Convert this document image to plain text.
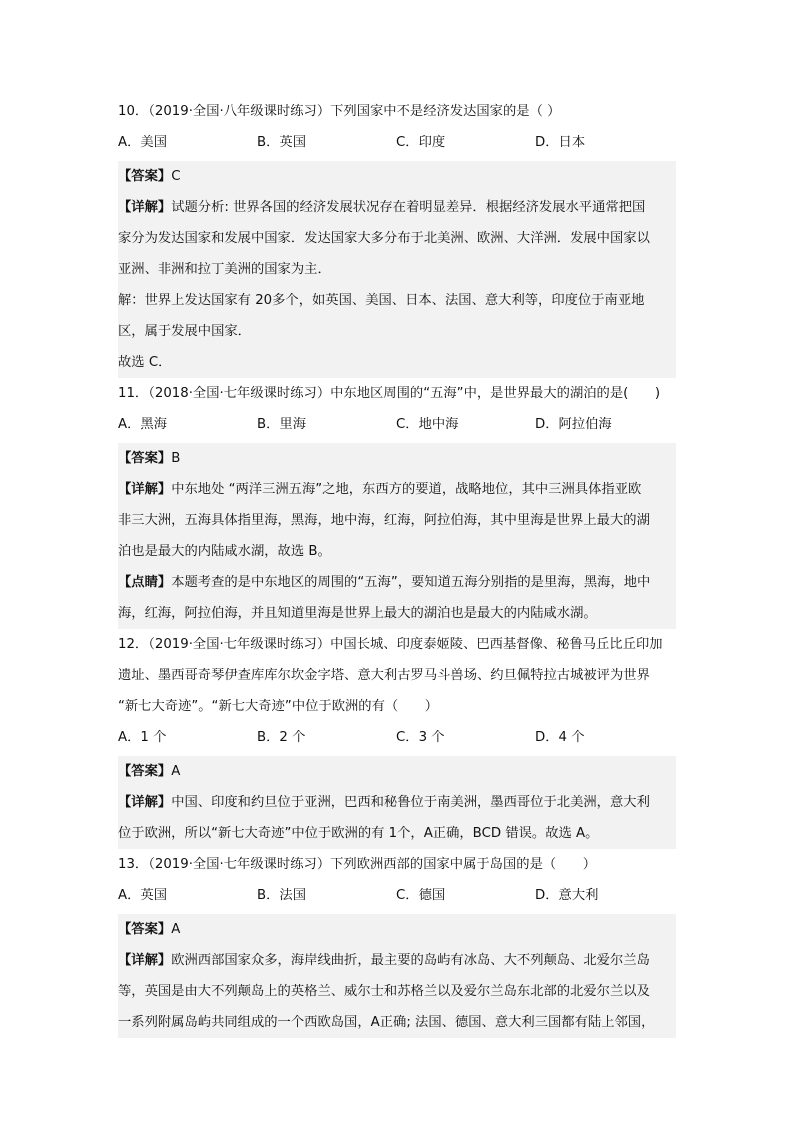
10．（2019·全国·八年级课时练习）下列国家中不是经济发达国家的是（ ）
A．美国	B．英国	C．印度	D．日本
【答案】C
【详解】试题分析: 世界各国的经济发展状况存在着明显差异．根据经济发展水平通常把国
家分为发达国家和发展中国家．发达国家大多分布于北美洲、欧洲、大洋洲．发展中国家以
亚洲、非洲和拉丁美洲的国家为主．
解：世界上发达国家有 20多个，如英国、美国、日本、法国、意大利等，印度位于南亚地
区，属于发展中国家．
故选 C．
11．（2018·全国·七年级课时练习）中东地区周围的“五海”中，是世界最大的湖泊的是(　　)
A．黑海	B．里海	C．地中海	D．阿拉伯海
【答案】B
【详解】中东地处 “两洋三洲五海”之地，东西方的要道，战略地位，其中三洲具体指亚欧
非三大洲，五海具体指里海，黑海，地中海，红海，阿拉伯海，其中里海是世界上最大的湖
泊也是最大的内陆咸水湖，故选 B。
【点睛】本题考查的是中东地区的周围的“五海”，要知道五海分别指的是里海，黑海，地中
海，红海，阿拉伯海，并且知道里海是世界上最大的湖泊也是最大的内陆咸水湖。
12．（2019·全国·七年级课时练习）中国长城、印度泰姬陵、巴西基督像、秘鲁马丘比丘印加
遗址、墨西哥奇琴伊查库库尔坎金字塔、意大利古罗马斗兽场、约旦佩特拉古城被评为世界
“新七大奇迹”。“新七大奇迹”中位于欧洲的有（　　）
A．1 个	B．2 个	C．3 个	D．4 个
【答案】A
【详解】中国、印度和约旦位于亚洲，巴西和秘鲁位于南美洲，墨西哥位于北美洲，意大利
位于欧洲，所以“新七大奇迹”中位于欧洲的有 1个，A正确，BCD 错误。故选 A。
13．（2019·全国·七年级课时练习）下列欧洲西部的国家中属于岛国的是（　　）
A．英国	B．法国	C．德国	D．意大利
【答案】A
【详解】欧洲西部国家众多，海岸线曲折，最主要的岛屿有冰岛、大不列颠岛、北爱尔兰岛
等，英国是由大不列颠岛上的英格兰、威尔士和苏格兰以及爱尔兰岛东北部的北爱尔兰以及
一系列附属岛屿共同组成的一个西欧岛国，A正确; 法国、德国、意大利三国都有陆上邻国，
